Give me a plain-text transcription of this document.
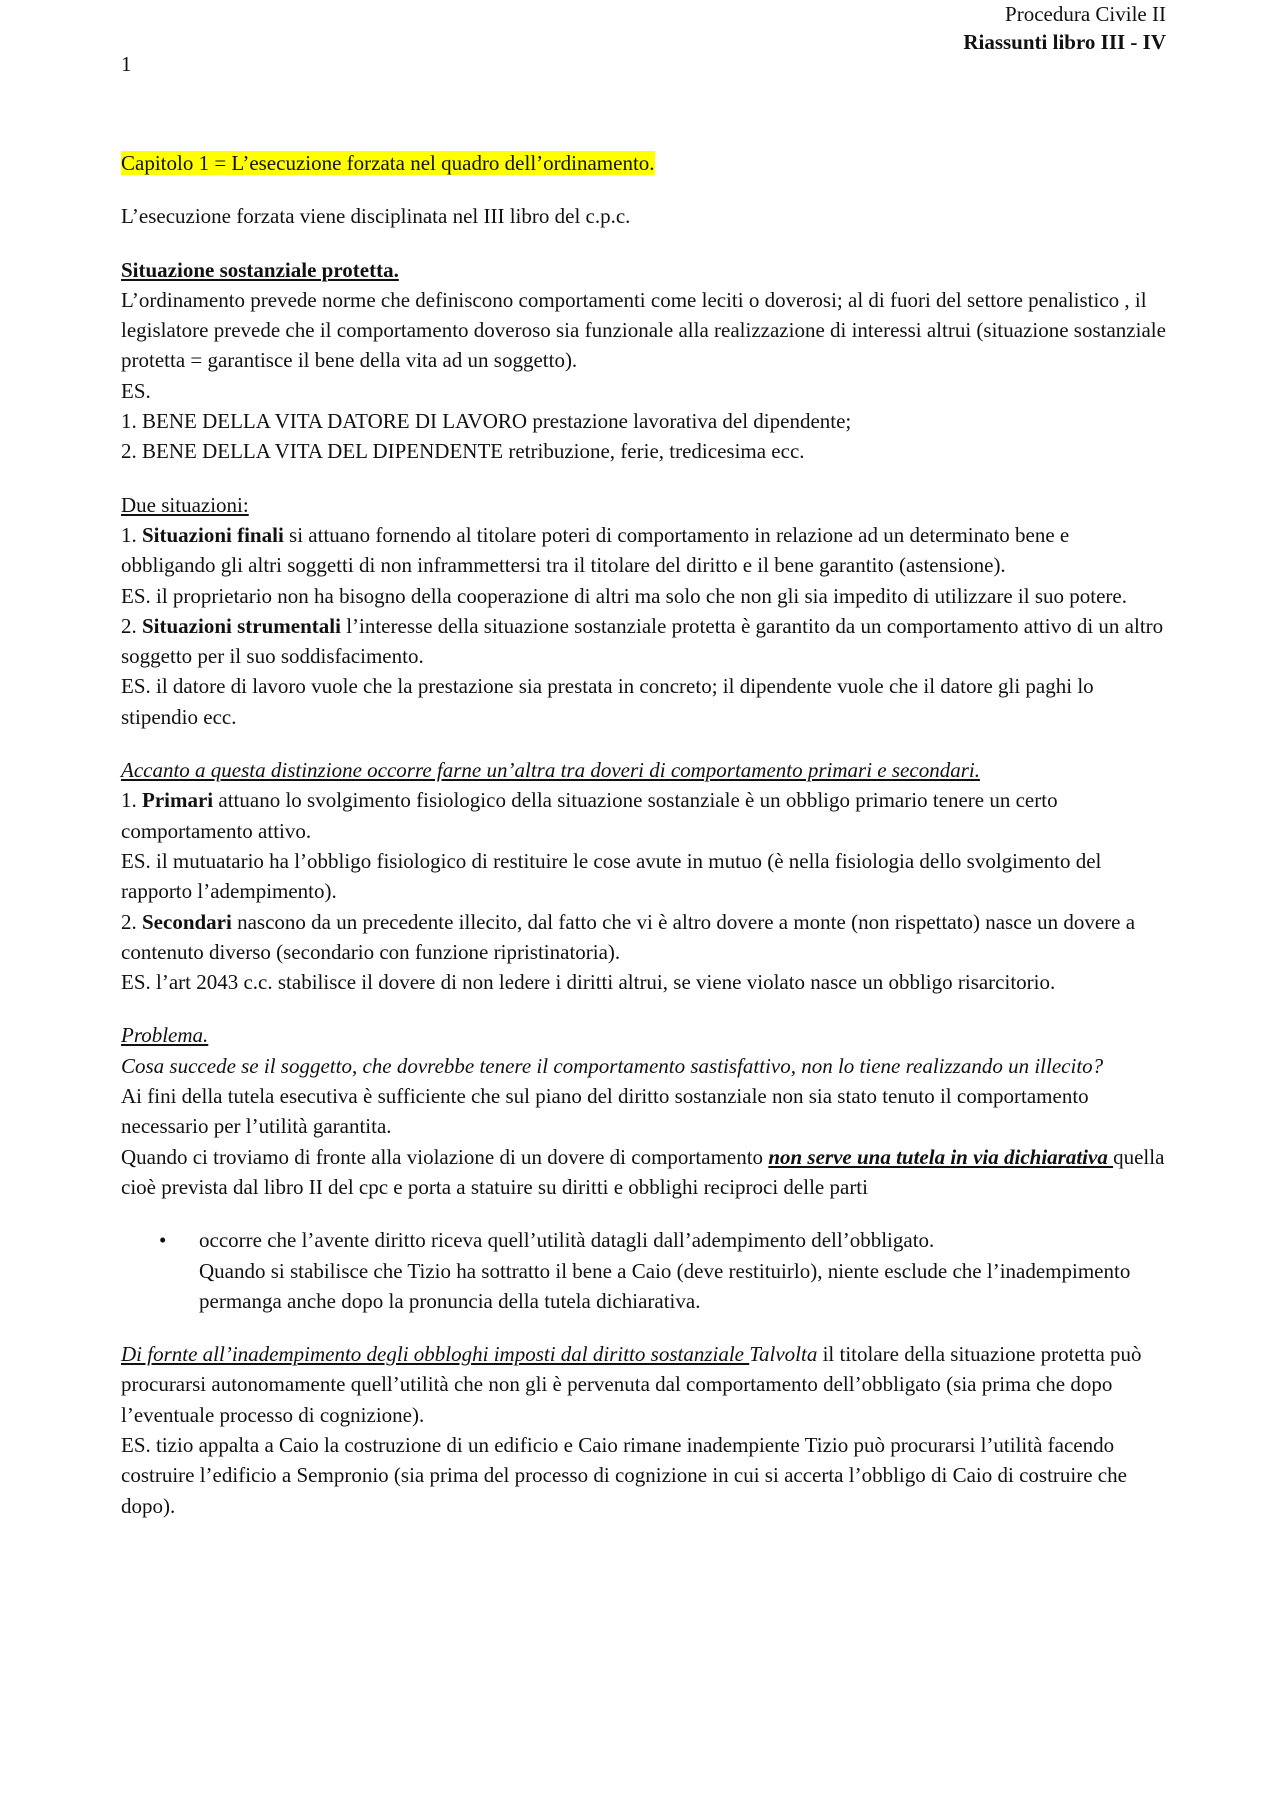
Procedura Civile II
Riassunti libro III - IV
1

Capitolo 1 = L’esecuzione forzata nel quadro dell’ordinamento.

L’esecuzione forzata viene disciplinata nel III libro del c.p.c.

Situazione sostanziale protetta.

L’ordinamento prevede norme che definiscono comportamenti come leciti o doverosi; al di fuori del settore penalistico , il legislatore prevede che il comportamento doveroso sia funzionale alla realizzazione di interessi altrui (situazione sostanziale protetta = garantisce il bene della vita ad un soggetto).

ES.

1. BENE DELLA VITA DATORE DI LAVORO prestazione lavorativa del dipendente;

2. BENE DELLA VITA DEL DIPENDENTE retribuzione, ferie, tredicesima ecc.

Due situazioni:

1. Situazioni finali si attuano fornendo al titolare poteri di comportamento in relazione ad un determinato bene e obbligando gli altri soggetti di non inframmettersi tra il titolare del diritto e il bene garantito (astensione).

ES. il proprietario non ha bisogno della cooperazione di altri ma solo che non gli sia impedito di utilizzare il suo potere.

2. Situazioni strumentali l’interesse della situazione sostanziale protetta è garantito da un comportamento attivo di un altro soggetto per il suo soddisfacimento.

ES. il datore di lavoro vuole che la prestazione sia prestata in concreto; il dipendente vuole che il datore gli paghi lo stipendio ecc.

Accanto a questa distinzione occorre farne un’altra tra doveri di comportamento primari e secondari.

1. Primari attuano lo svolgimento fisiologico della situazione sostanziale è un obbligo primario tenere un certo comportamento attivo.

ES. il mutuatario ha l’obbligo fisiologico di restituire le cose avute in mutuo (è nella fisiologia dello svolgimento del rapporto l’adempimento).

2. Secondari nascono da un precedente illecito, dal fatto che vi è altro dovere a monte (non rispettato) nasce un dovere a contenuto diverso (secondario con funzione ripristinatoria).

ES. l’art 2043 c.c. stabilisce il dovere di non ledere i diritti altrui, se viene violato nasce un obbligo risarcitorio.

Problema.

Cosa succede se il soggetto, che dovrebbe tenere il comportamento sastisfattivo, non lo tiene realizzando un illecito?

Ai fini della tutela esecutiva è sufficiente che sul piano del diritto sostanziale non sia stato tenuto il comportamento necessario per l’utilità garantita.

Quando ci troviamo di fronte alla violazione di un dovere di comportamento non serve una tutela in via dichiarativa quella cioè prevista dal libro II del cpc e porta a statuire su diritti e obblighi reciproci delle parti

• occorre che l’avente diritto riceva quell’utilità datagli dall’adempimento dell’obbligato.

Quando si stabilisce che Tizio ha sottratto il bene a Caio (deve restituirlo), niente esclude che l’inadempimento permanga anche dopo la pronuncia della tutela dichiarativa.

Di fornte all’inadempimento degli obbloghi imposti dal diritto sostanziale Talvolta il titolare della situazione protetta può procurarsi autonomamente quell’utilità che non gli è pervenuta dal comportamento dell’obbligato (sia prima che dopo l’eventuale processo di cognizione).

ES. tizio appalta a Caio la costruzione di un edificio e Caio rimane inadempiente Tizio può procurarsi l’utilità facendo costruire l’edificio a Sempronio (sia prima del processo di cognizione in cui si accerta l’obbligo di Caio di costruire che dopo).
